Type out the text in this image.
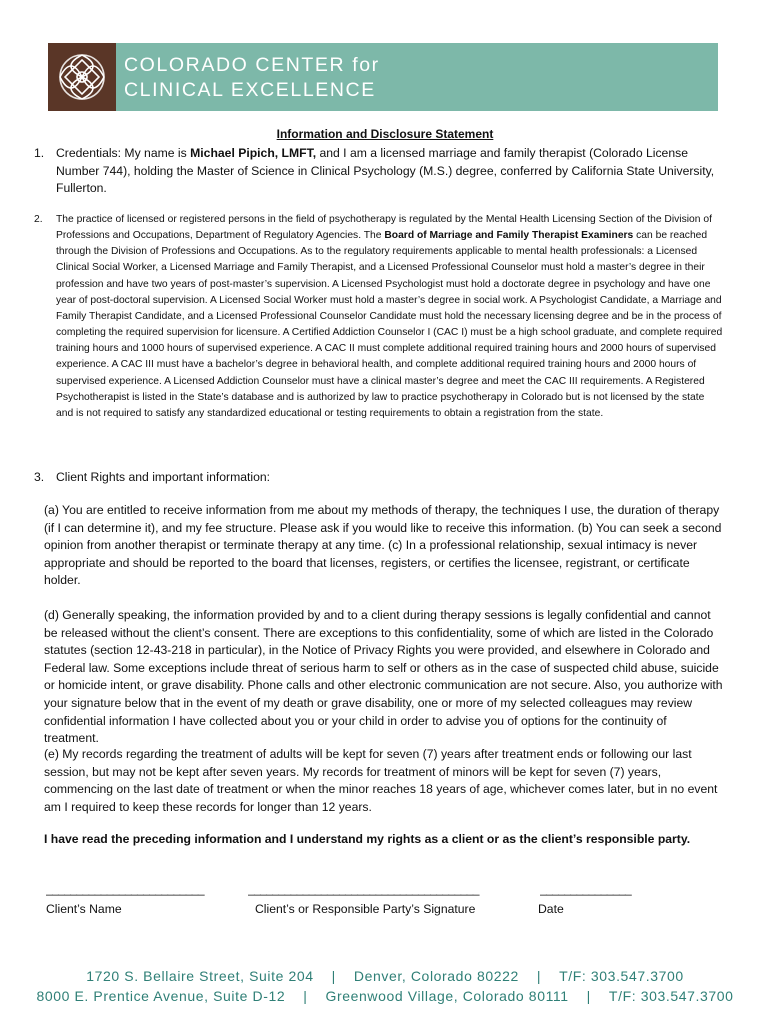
COLORADO CENTER for
CLINICAL EXCELLENCE
Information and Disclosure Statement
1. Credentials: My name is Michael Pipich, LMFT, and I am a licensed marriage and family therapist (Colorado License Number 744), holding the Master of Science in Clinical Psychology (M.S.) degree, conferred by California State University, Fullerton.
2. The practice of licensed or registered persons in the field of psychotherapy is regulated by the Mental Health Licensing Section of the Division of Professions and Occupations, Department of Regulatory Agencies. The Board of Marriage and Family Therapist Examiners can be reached through the Division of Professions and Occupations. As to the regulatory requirements applicable to mental health professionals: a Licensed Clinical Social Worker, a Licensed Marriage and Family Therapist, and a Licensed Professional Counselor must hold a master’s degree in their profession and have two years of post-master’s supervision. A Licensed Psychologist must hold a doctorate degree in psychology and have one year of post-doctoral supervision. A Licensed Social Worker must hold a master’s degree in social work. A Psychologist Candidate, a Marriage and Family Therapist Candidate, and a Licensed Professional Counselor Candidate must hold the necessary licensing degree and be in the process of completing the required supervision for licensure. A Certified Addiction Counselor I (CAC I) must be a high school graduate, and complete required training hours and 1000 hours of supervised experience. A CAC II must complete additional required training hours and 2000 hours of supervised experience. A CAC III must have a bachelor’s degree in behavioral health, and complete additional required training hours and 2000 hours of supervised experience. A Licensed Addiction Counselor must have a clinical master’s degree and meet the CAC III requirements. A Registered Psychotherapist is listed in the State’s database and is authorized by law to practice psychotherapy in Colorado but is not licensed by the state and is not required to satisfy any standardized educational or testing requirements to obtain a registration from the state.
3. Client Rights and important information:
(a) You are entitled to receive information from me about my methods of therapy, the techniques I use, the duration of therapy (if I can determine it), and my fee structure. Please ask if you would like to receive this information. (b) You can seek a second opinion from another therapist or terminate therapy at any time. (c) In a professional relationship, sexual intimacy is never appropriate and should be reported to the board that licenses, registers, or certifies the licensee, registrant, or certificate holder.
(d) Generally speaking, the information provided by and to a client during therapy sessions is legally confidential and cannot be released without the client’s consent. There are exceptions to this confidentiality, some of which are listed in the Colorado statutes (section 12-43-218 in particular), in the Notice of Privacy Rights you were provided, and elsewhere in Colorado and Federal law. Some exceptions include threat of serious harm to self or others as in the case of suspected child abuse, suicide or homicide intent, or grave disability. Phone calls and other electronic communication are not secure. Also, you authorize with your signature below that in the event of my death or grave disability, one or more of my selected colleagues may review confidential information I have collected about you or your child in order to advise you of options for the continuity of treatment.
(e) My records regarding the treatment of adults will be kept for seven (7) years after treatment ends or following our last session, but may not be kept after seven years. My records for treatment of minors will be kept for seven (7) years, commencing on the last date of treatment or when the minor reaches 18 years of age, whichever comes later, but in no event am I required to keep these records for longer than 12 years.
I have read the preceding information and I understand my rights as a client or as the client’s responsible party.
__________________________
Client’s Name
______________________________________
Client’s or Responsible Party’s Signature
_______________
Date
1720 S. Bellaire Street, Suite 204 | Denver, Colorado 80222 | T/F: 303.547.3700
8000 E. Prentice Avenue, Suite D-12 | Greenwood Village, Colorado 80111 | T/F: 303.547.3700
